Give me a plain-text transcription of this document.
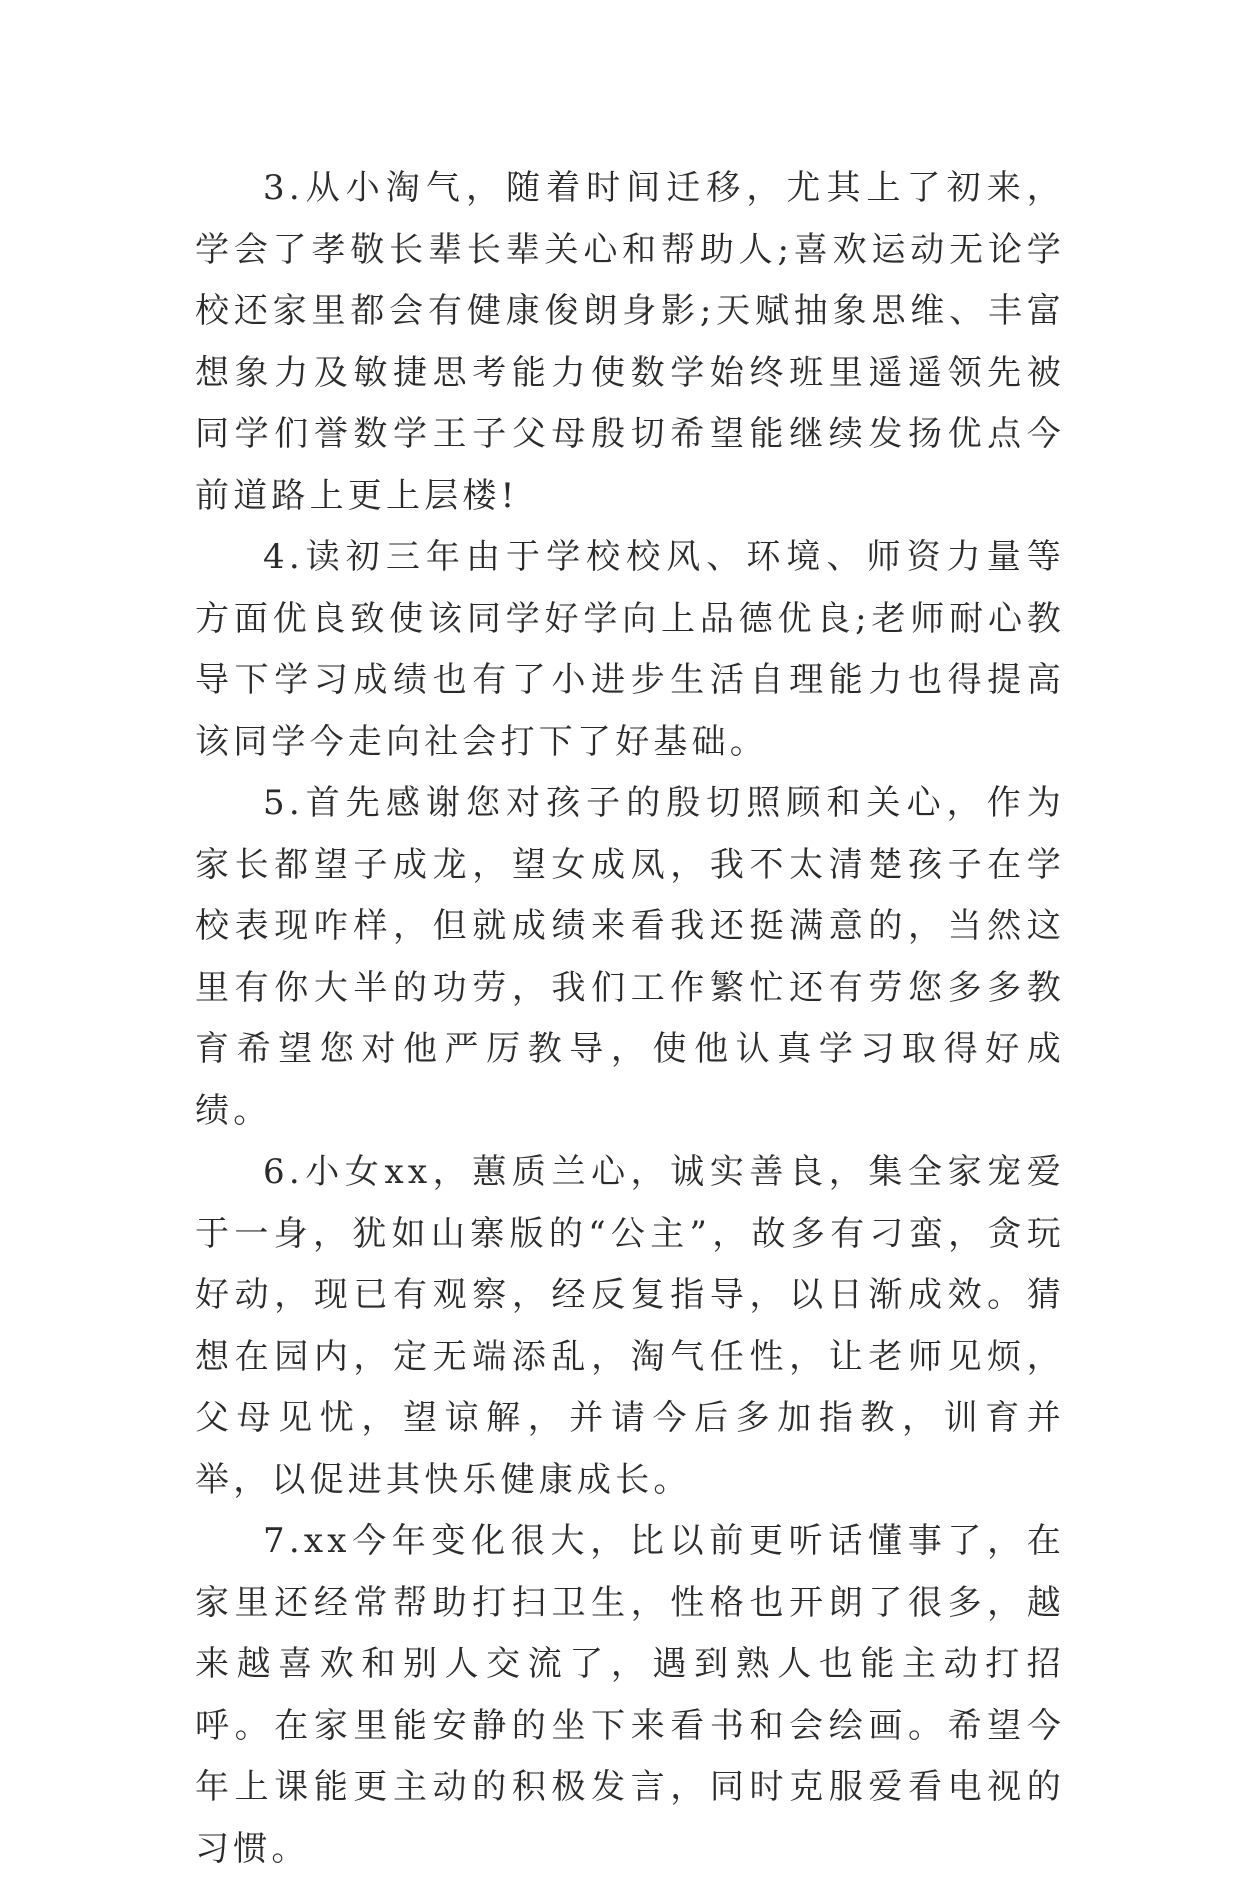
3.从小淘气，随着时间迁移，尤其上了初来，学会了孝敬长辈长辈关心和帮助人;喜欢运动无论学校还家里都会有健康俊朗身影;天赋抽象思维、丰富想象力及敏捷思考能力使数学始终班里遥遥领先被同学们誉数学王子父母殷切希望能继续发扬优点今前道路上更上层楼!

4.读初三年由于学校校风、环境、师资力量等方面优良致使该同学好学向上品德优良;老师耐心教导下学习成绩也有了小进步生活自理能力也得提高该同学今走向社会打下了好基础。

5.首先感谢您对孩子的殷切照顾和关心，作为家长都望子成龙，望女成凤，我不太清楚孩子在学校表现咋样，但就成绩来看我还挺满意的，当然这里有你大半的功劳，我们工作繁忙还有劳您多多教育希望您对他严厉教导，使他认真学习取得好成绩。

6.小女xx，蕙质兰心，诚实善良，集全家宠爱于一身，犹如山寨版的“公主”，故多有刁蛮，贪玩好动，现已有观察，经反复指导，以日渐成效。猜想在园内，定无端添乱，淘气任性，让老师见烦，父母见忧，望谅解，并请今后多加指教，训育并举，以促进其快乐健康成长。

7.xx今年变化很大，比以前更听话懂事了，在家里还经常帮助打扫卫生，性格也开朗了很多，越来越喜欢和别人交流了，遇到熟人也能主动打招呼。在家里能安静的坐下来看书和会绘画。希望今年上课能更主动的积极发言，同时克服爱看电视的习惯。
